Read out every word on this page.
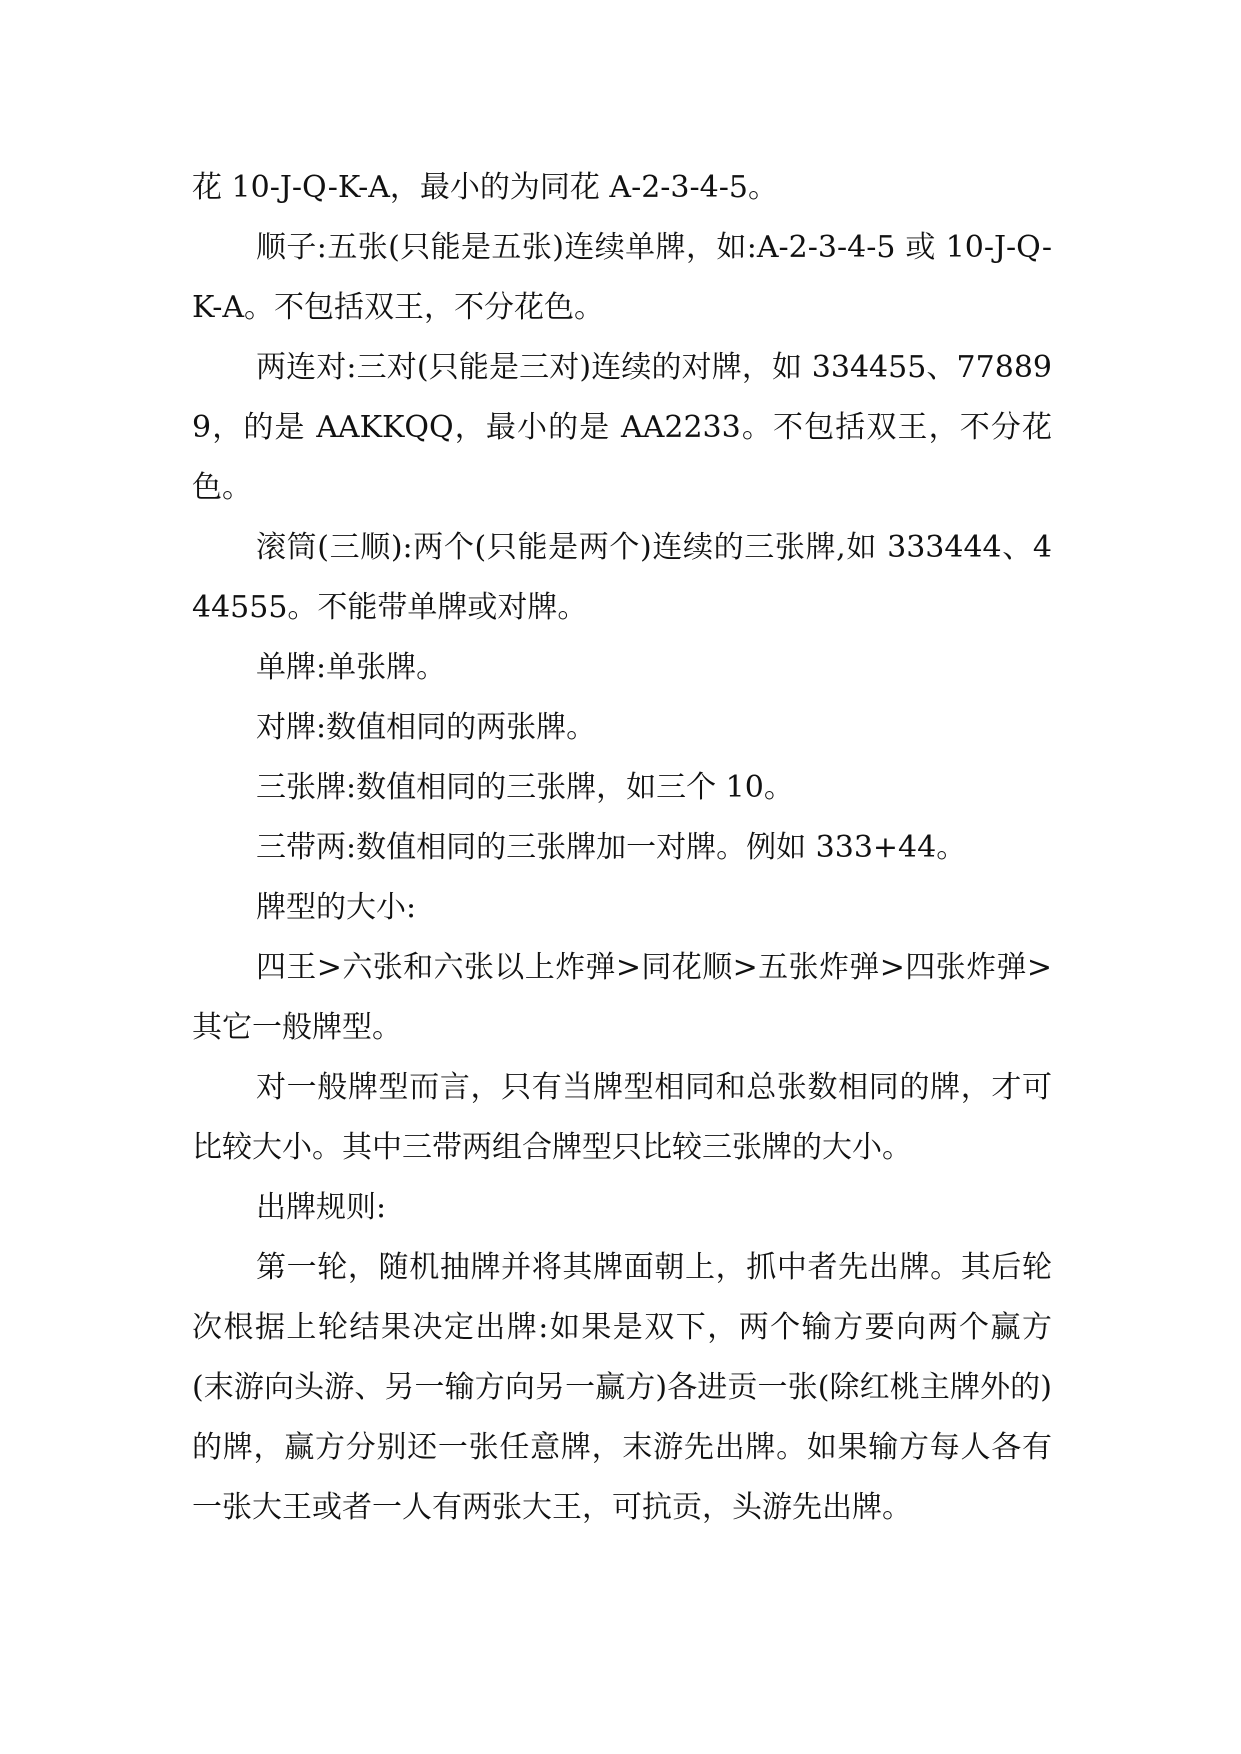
花 10-J-Q-K-A，最小的为同花 A-2-3-4-5。

顺子:五张(只能是五张)连续单牌，如:A-2-3-4-5 或 10-J-Q-K-A。不包括双王，不分花色。

两连对:三对(只能是三对)连续的对牌，如 334455、778899，的是 AAKKQQ，最小的是 AA2233。不包括双王，不分花色。

滚筒(三顺):两个(只能是两个)连续的三张牌,如 333444、444555。不能带单牌或对牌。

单牌:单张牌。

对牌:数值相同的两张牌。

三张牌:数值相同的三张牌，如三个 10。

三带两:数值相同的三张牌加一对牌。例如 333+44。

牌型的大小:

四王>六张和六张以上炸弹>同花顺>五张炸弹>四张炸弹>其它一般牌型。

对一般牌型而言，只有当牌型相同和总张数相同的牌，才可比较大小。其中三带两组合牌型只比较三张牌的大小。

出牌规则:

第一轮，随机抽牌并将其牌面朝上，抓中者先出牌。其后轮次根据上轮结果决定出牌:如果是双下，两个输方要向两个赢方(末游向头游、另一输方向另一赢方)各进贡一张(除红桃主牌外的)的牌，赢方分别还一张任意牌，末游先出牌。如果输方每人各有一张大王或者一人有两张大王，可抗贡，头游先出牌。
